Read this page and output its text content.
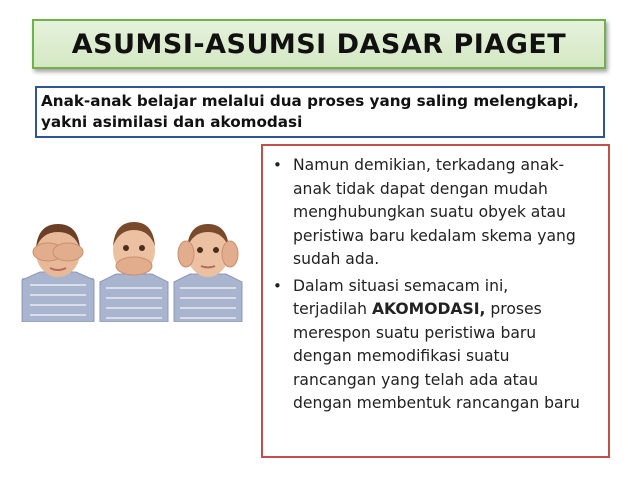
ASUMSI-ASUMSI DASAR PIAGET
Anak-anak belajar melalui dua proses yang saling melengkapi,
yakni asimilasi dan akomodasi
• Namun demikian, terkadang anak-
anak tidak dapat dengan mudah
menghubungkan suatu obyek atau
peristiwa baru kedalam skema yang
sudah ada.
• Dalam situasi semacam ini,
terjadilah AKOMODASI, proses
merespon suatu peristiwa baru
dengan memodifikasi suatu
rancangan yang telah ada atau
dengan membentuk rancangan baru
